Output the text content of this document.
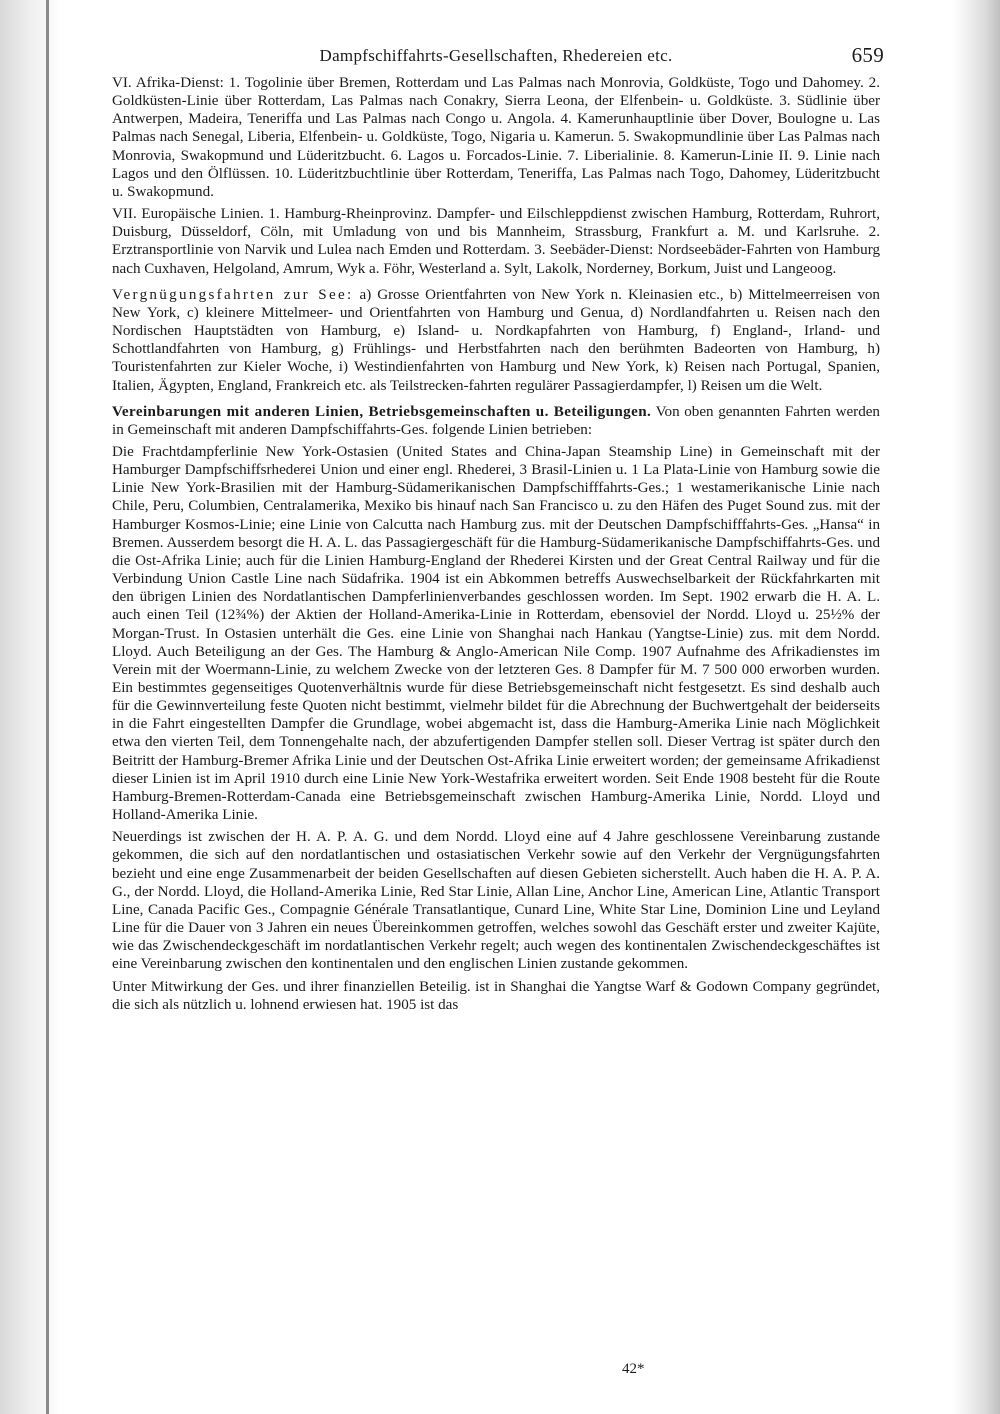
Dampfschiffahrts-Gesellschaften, Rhedereien etc.	659

VI. Afrika-Dienst: 1. Togolinie über Bremen, Rotterdam und Las Palmas nach Monrovia, Goldküste, Togo und Dahomey. 2. Goldküsten-Linie über Rotterdam, Las Palmas nach Conakry, Sierra Leona, der Elfenbein- u. Goldküste. 3. Südlinie über Antwerpen, Madeira, Teneriffa und Las Palmas nach Congo u. Angola. 4. Kamerunhauptlinie über Dover, Boulogne u. Las Palmas nach Senegal, Liberia, Elfenbein- u. Goldküste, Togo, Nigaria u. Kamerun. 5. Swakopmundlinie über Las Palmas nach Monrovia, Swakopmund und Lüderitzbucht. 6. Lagos u. Forcados-Linie. 7. Liberialinie. 8. Kamerun-Linie II. 9. Linie nach Lagos und den Ölflüssen. 10. Lüderitzbuchtlinie über Rotterdam, Teneriffa, Las Palmas nach Togo, Dahomey, Lüderitzbucht u. Swakopmund.

VII. Europäische Linien. 1. Hamburg-Rheinprovinz. Dampfer- und Eilschleppdienst zwischen Hamburg, Rotterdam, Ruhrort, Duisburg, Düsseldorf, Cöln, mit Umladung von und bis Mannheim, Strassburg, Frankfurt a. M. und Karlsruhe. 2. Erztransportlinie von Narvik und Lulea nach Emden und Rotterdam. 3. Seebäder-Dienst: Nordseebäder-Fahrten von Hamburg nach Cuxhaven, Helgoland, Amrum, Wyk a. Föhr, Westerland a. Sylt, Lakolk, Norderney, Borkum, Juist und Langeoog.

Vergnügungsfahrten zur See: a) Grosse Orientfahrten von New York n. Kleinasien etc., b) Mittelmeerreisen von New York, c) kleinere Mittelmeer- und Orientfahrten von Hamburg und Genua, d) Nordlandfahrten u. Reisen nach den Nordischen Hauptstädten von Hamburg, e) Island- u. Nordkapfahrten von Hamburg, f) England-, Irland- und Schottlandfahrten von Hamburg, g) Frühlings- und Herbstfahrten nach den berühmten Badeorten von Hamburg, h) Touristenfahrten zur Kieler Woche, i) Westindienfahrten von Hamburg und New York, k) Reisen nach Portugal, Spanien, Italien, Ägypten, England, Frankreich etc. als Teilstrecken-fahrten regulärer Passagierdampfer, l) Reisen um die Welt.

Vereinbarungen mit anderen Linien, Betriebsgemeinschaften u. Beteiligungen. Von oben genannten Fahrten werden in Gemeinschaft mit anderen Dampfschiffahrts-Ges. folgende Linien betrieben:

Die Frachtdampferlinie New York-Ostasien (United States and China-Japan Steamship Line) in Gemeinschaft mit der Hamburger Dampfschiffsrhederei Union und einer engl. Rhederei, 3 Brasil-Linien u. 1 La Plata-Linie von Hamburg sowie die Linie New York-Brasilien mit der Hamburg-Südamerikanischen Dampfschifffahrts-Ges.; 1 westamerikanische Linie nach Chile, Peru, Columbien, Centralamerika, Mexiko bis hinauf nach San Francisco u. zu den Häfen des Puget Sound zus. mit der Hamburger Kosmos-Linie; eine Linie von Calcutta nach Hamburg zus. mit der Deutschen Dampfschifffahrts-Ges. „Hansa“ in Bremen. Ausserdem besorgt die H. A. L. das Passagiergeschäft für die Hamburg-Südamerikanische Dampfschiffahrts-Ges. und die Ost-Afrika Linie; auch für die Linien Hamburg-England der Rhederei Kirsten und der Great Central Railway und für die Verbindung Union Castle Line nach Südafrika. 1904 ist ein Abkommen betreffs Auswechselbarkeit der Rückfahrkarten mit den übrigen Linien des Nordatlantischen Dampferlinienverbandes geschlossen worden. Im Sept. 1902 erwarb die H. A. L. auch einen Teil (12¾%) der Aktien der Holland-Amerika-Linie in Rotterdam, ebensoviel der Nordd. Lloyd u. 25½% der Morgan-Trust. In Ostasien unterhält die Ges. eine Linie von Shanghai nach Hankau (Yangtse-Linie) zus. mit dem Nordd. Lloyd. Auch Beteiligung an der Ges. The Hamburg & Anglo-American Nile Comp. 1907 Aufnahme des Afrikadienstes im Verein mit der Woermann-Linie, zu welchem Zwecke von der letzteren Ges. 8 Dampfer für M. 7 500 000 erworben wurden. Ein bestimmtes gegenseitiges Quotenverhältnis wurde für diese Betriebsgemeinschaft nicht festgesetzt. Es sind deshalb auch für die Gewinnverteilung feste Quoten nicht bestimmt, vielmehr bildet für die Abrechnung der Buchwertgehalt der beiderseits in die Fahrt eingestellten Dampfer die Grundlage, wobei abgemacht ist, dass die Hamburg-Amerika Linie nach Möglichkeit etwa den vierten Teil, dem Tonnengehalte nach, der abzufertigenden Dampfer stellen soll. Dieser Vertrag ist später durch den Beitritt der Hamburg-Bremer Afrika Linie und der Deutschen Ost-Afrika Linie erweitert worden; der gemeinsame Afrikadienst dieser Linien ist im April 1910 durch eine Linie New York-Westafrika erweitert worden. Seit Ende 1908 besteht für die Route Hamburg-Bremen-Rotterdam-Canada eine Betriebsgemeinschaft zwischen Hamburg-Amerika Linie, Nordd. Lloyd und Holland-Amerika Linie.

Neuerdings ist zwischen der H. A. P. A. G. und dem Nordd. Lloyd eine auf 4 Jahre geschlossene Vereinbarung zustande gekommen, die sich auf den nordatlantischen und ostasiatischen Verkehr sowie auf den Verkehr der Vergnügungsfahrten bezieht und eine enge Zusammenarbeit der beiden Gesellschaften auf diesen Gebieten sicherstellt. Auch haben die H. A. P. A. G., der Nordd. Lloyd, die Holland-Amerika Linie, Red Star Linie, Allan Line, Anchor Line, American Line, Atlantic Transport Line, Canada Pacific Ges., Compagnie Générale Transatlantique, Cunard Line, White Star Line, Dominion Line und Leyland Line für die Dauer von 3 Jahren ein neues Übereinkommen getroffen, welches sowohl das Geschäft erster und zweiter Kajüte, wie das Zwischendeckgeschäft im nordatlantischen Verkehr regelt; auch wegen des kontinentalen Zwischendeckgeschäftes ist eine Vereinbarung zwischen den kontinentalen und den englischen Linien zustande gekommen.

Unter Mitwirkung der Ges. und ihrer finanziellen Beteilig. ist in Shanghai die Yangtse Warf & Godown Company gegründet, die sich als nützlich u. lohnend erwiesen hat. 1905 ist das

42*
